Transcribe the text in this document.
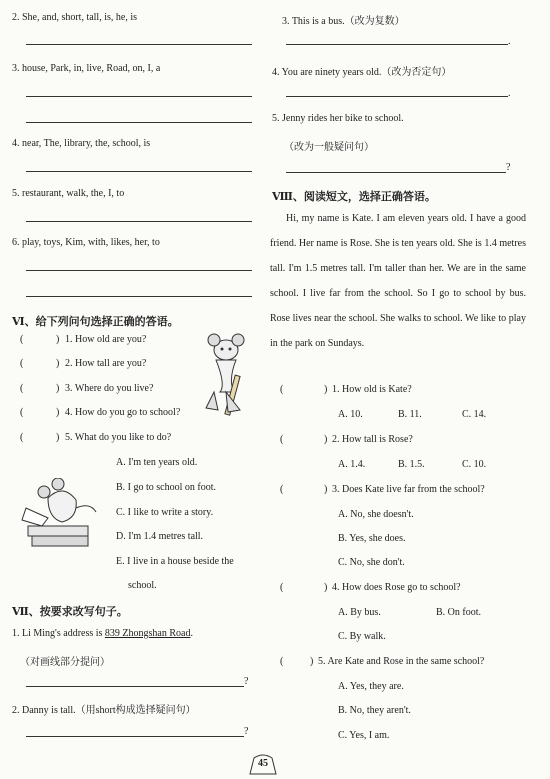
2. She, and, short, tall, is, he, is
3. house, Park, in, live, Road, on, I, a
4. near, The, library, the, school, is
5. restaurant, walk, the, I, to
6. play, toys, Kim, with, likes, her, to
Ⅵ、给下列问句选择正确的答语。
(	) 1. How old are you?
(	) 2. How tall are you?
(	) 3. Where do you live?
(	) 4. How do you go to school?
(	) 5. What do you like to do?
A. I'm ten years old.
B. I go to school on foot.
C. I like to write a story.
D. I'm 1.4 metres tall.
E. I live in a house beside the
school.
Ⅶ、按要求改写句子。
1. Li Ming's address is 839 Zhongshan Road.
（对画线部分提问）
?
2. Danny is tall.（用short构成选择疑问句）
?
3. This is a bus.（改为复数）
.
4. You are ninety years old.（改为否定句）
.
5. Jenny rides her bike to school.
（改为一般疑问句）
?
Ⅷ、阅读短文，选择正确答语。
Hi, my name is Kate. I am eleven years old. I have a good friend. Her name is Rose. She is ten years old. She is 1.4 metres tall. I'm 1.5 metres tall. I'm taller than her. We are in the same school. I live far from the school. So I go to school by bus. Rose lives near the school. She walks to school. We like to play in the park on Sundays.
(	) 1. How old is Kate?
A. 10.	B. 11.	C. 14.
(	) 2. How tall is Rose?
A. 1.4.	B. 1.5.	C. 10.
(	) 3. Does Kate live far from the school?
A. No, she doesn't.
B. Yes, she does.
C. No, she don't.
(	) 4. How does Rose go to school?
A. By bus.	B. On foot.
C. By walk.
(	) 5. Are Kate and Rose in the same school?
A. Yes, they are.
B. No, they aren't.
C. Yes, I am.
45
